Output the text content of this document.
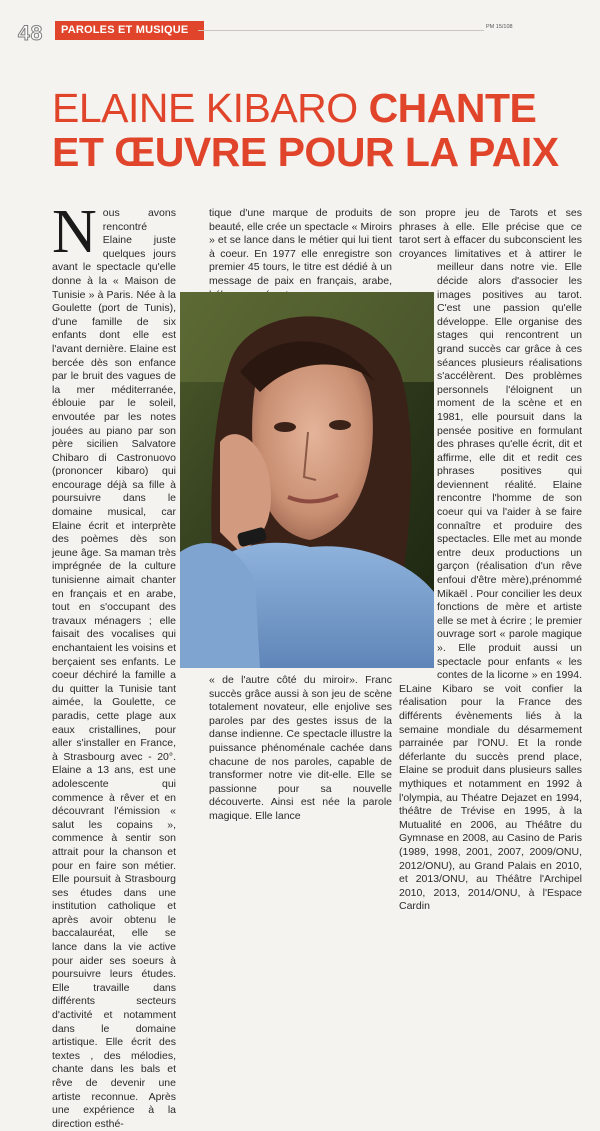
48	PAROLES ET MUSIQUE	PM 15/108
ELAINE KIBARO CHANTE
ET ŒUVRE POUR LA PAIX
N ous avons rencontré Elaine juste quelques jours avant le spectacle qu'elle donne à la « Maison de Tunisie » à Paris. Née à la Goulette (port de Tunis), d'une famille de six enfants dont elle est l'avant dernière. Elaine est bercée dès son enfance par le bruit des vagues de la mer méditerranée, éblouie par le soleil, envoutée par les notes jouées au piano par son père sicilien Salvatore Chibaro di Castronuovo (prononcer kibaro) qui encourage déjà sa fille à poursuivre dans le domaine musical, car Elaine écrit et interprète des poèmes dès son jeune âge. Sa maman très imprégnée de la culture tunisienne aimait chanter en français et en arabe, tout en s'occupant des travaux ménagers ; elle faisait des vocalises qui enchantaient les voisins et berçaient ses enfants. Le coeur déchiré la famille a du quitter la Tunisie tant aimée, la Goulette, ce paradis, cette plage aux eaux cristallines, pour aller s'installer en France, à Strasbourg avec - 20°. Elaine a 13 ans, est une adolescente qui commence à rêver et en découvrant l'émission « salut les copains », commence à sentir son attrait pour la chanson et pour en faire son métier. Elle poursuit à Strasbourg ses études dans une institution catholique et après avoir obtenu le baccalauréat, elle se lance dans la vie active pour aider ses soeurs à poursuivre leurs études. Elle travaille dans différents secteurs d'activité et notamment dans le domaine artistique. Elle écrit des textes , des mélodies, chante dans les bals et rêve de devenir une artiste reconnue. Après une expérience à la direction esthé-

tique d'une marque de produits de beauté, elle crée un spectacle « Miroirs » et se lance dans le métier qui lui tient à coeur. En 1977 elle enregistre son premier 45 tours, le titre est dédié à un message de paix en français, arabe,

son propre jeu de Tarots et ses phrases à elle. Elle précise que ce tarot sert à effacer du subconscient les croyances limitatives et à attirer le meilleur dans notre vie. Elle décide alors d'associer les images positives au tarot. C'est une passion qu'elle développe. Elle organise des stages qui rencontrent un grand succès car grâce à ces séances plusieurs réalisations s'accélèrent. Des problèmes personnels l'éloignent un moment de la scène et en 1981, elle poursuit dans la pensée positive en formulant des phrases qu'elle écrit, dit et affirme, elle dit et redit ces phrases positives qui deviennent réalité. Elaine rencontre l'homme de son coeur qui va l'aider à se faire connaître et produire des spectacles. Elle met au monde entre deux productions un garçon (réalisation d'un rêve enfoui d'être mère),prénommé Mikaël . Pour concilier les deux fonctions de mère et artiste elle se met à écrire ; le premier ouvrage sort « parole magique ». Elle produit aussi un spectacle pour enfants « les contes de la licorne » en 1994. ELaine Kibaro se voit confier la réalisation pour la France des différents évènements liés à la semaine mondiale du désarmement parrainée par l'ONU. Et la ronde déferlante du succès prend place, Elaine se produit dans plusieurs salles mythiques et notamment en 1992 à l'olympia, au Théatre Dejazet en 1994, théâtre de Trévise en 1995, à la Mutualité en 2006, au Théâtre du Gymnase en 2008, au Casino de Paris (1989, 1998, 2001, 2007, 2009/ONU, 2012/ONU), au Grand Palais en 2010, et 2013/ONU, au Théâtre l'Archipel 2010, 2013, 2014/ONU, à l'Espace Cardin

« de l'autre côté du miroir». Franc succès grâce aussi à son jeu de scène totalement novateur, elle enjolive ses paroles par des gestes issus de la danse indienne. Ce spectacle illustre la puissance phénoménale cachée dans chacune de nos paroles, capable de transformer notre vie dit-elle. Elle se passionne pour sa nouvelle découverte. Ainsi est née la parole magique. Elle lance
